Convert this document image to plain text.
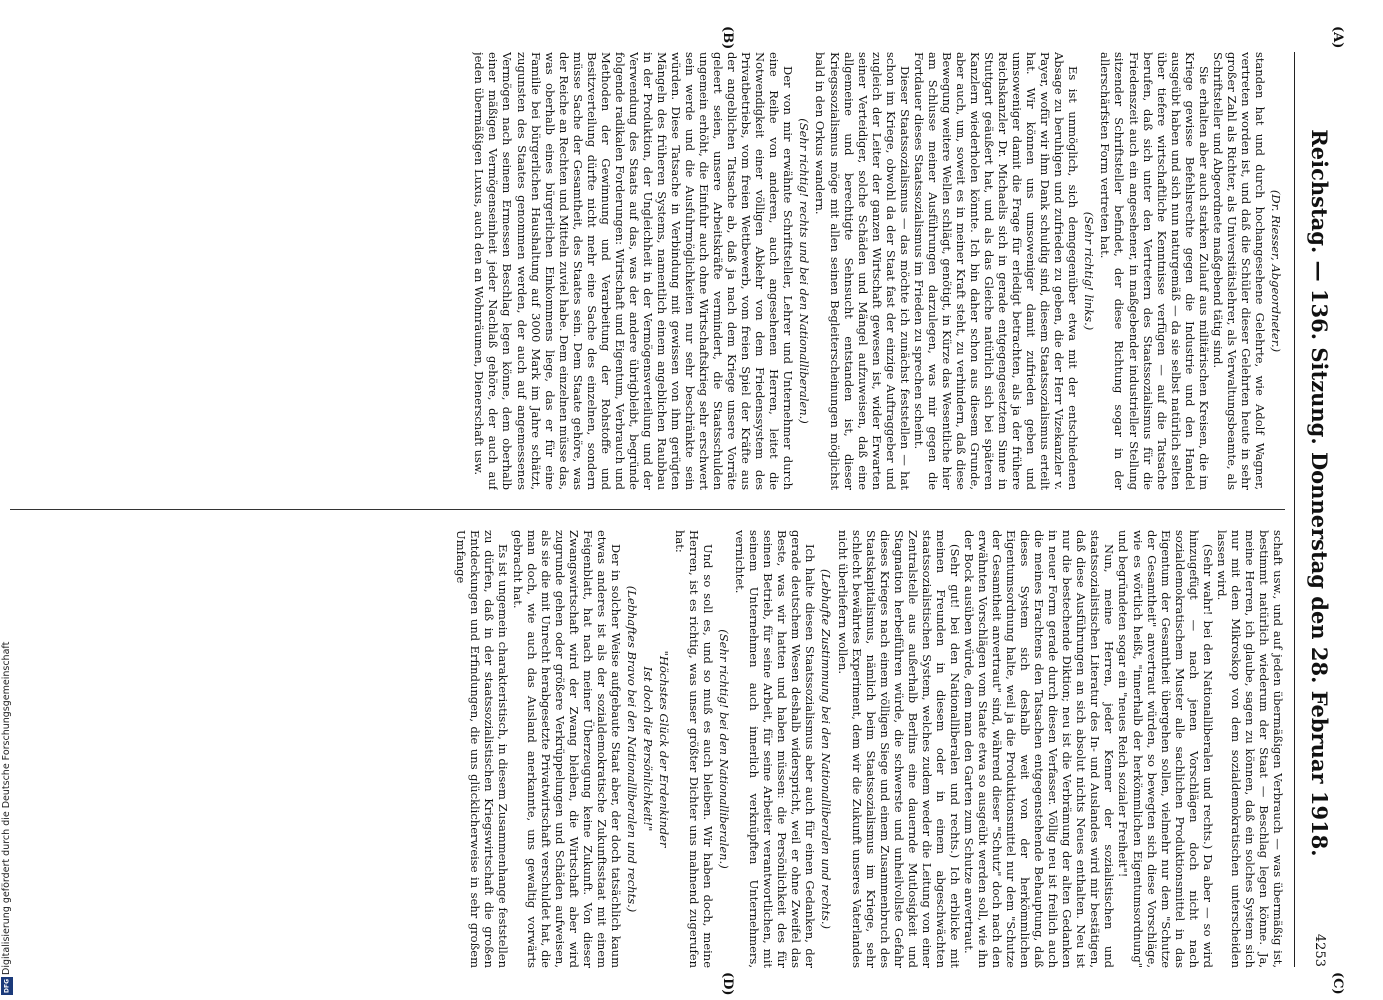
Reichstag. — 136. Sitzung. Donnerstag den 28. Februar 1918.
4253
(A)
(B)
(C)
(D)

(Dr. Riesser, Abgeordneter.)

standen hat und durch hochangesehene Gelehrte, wie Adolf Wagner, vertreten worden ist, und daß die Schüler dieser Gelehrten heute in sehr großer Zahl als Richter, als Universitätslehrer, als Verwaltungsbeamte, als Schriftsteller und Abgeordnete maßgebend tätig sind.

Sie erhalten aber auch starken Zulauf aus militärischen Kreisen, die im Kriege gewisse Befehlsrechte gegen die Industrie und den Handel ausgeübt haben und sich nun naturgemäß — da sie selbst natürlich selten über tiefere wirtschaftliche Kenntnisse verfügen — auf die Tatsache berufen, daß sich unter den Vertretern des Staatssozialismus für die Friedenszeit auch ein angesehener, in maßgebender industrieller Stellung sitzender Schriftsteller befindet, der diese Richtung sogar in der allerschärfsten Form vertreten hat.

(Sehr richtig! links.)

Es ist unmöglich, sich demgegenüber etwa mit der entschiedenen Absage zu beruhigen und zufrieden zu geben, die der Herr Vizekanzler v. Payer, wofür wir ihm Dank schuldig sind, diesem Staatssozialismus erteilt hat. Wir können uns umsoweniger damit zufrieden geben und umsoweniger damit die Frage für erledigt betrachten, als ja der frühere Reichskanzler Dr. Michaelis sich in gerade entgegengesetztem Sinne in Stuttgart geäußert hat, und als das Gleiche natürlich sich bei späteren Kanzlern wiederholen könnte. Ich bin daher schon aus diesem Grunde, aber auch, um, soweit es in meiner Kraft steht, zu verhindern, daß diese Bewegung weitere Wellen schlägt, genötigt, in Kürze das Wesentliche hier am Schlusse meiner Ausführungen darzulegen, was mir gegen die Fortdauer dieses Staatssozialismus im Frieden zu sprechen scheint.

Dieser Staatssozialismus — das möchte ich zunächst feststellen — hat schon im Kriege, obwohl da der Staat fast der einzige Auftraggeber und zugleich der Leiter der ganzen Wirtschaft gewesen ist, wider Erwarten seiner Verteidiger, solche Schäden und Mängel aufzuweisen, daß eine allgemeine und berechtigte Sehnsucht entstanden ist, dieser Kriegssozialismus möge mit allen seinen Begleiterscheinungen möglichst bald in den Orkus wandern.

(Sehr richtig! rechts und bei den Nationalliberalen.)

Der von mir erwähnte Schriftsteller, Lehrer und Unternehmer durch eine Reihe von anderen, auch angesehenen Herren, leitet die Notwendigkeit einer völligen Abkehr von dem Friedenssystem des Privatbetriebs, vom freien Wettbewerb, vom freien Spiel der Kräfte aus der angeblichen Tatsache ab, daß ja nach dem Kriege unsere Vorräte geleert seien, unsere Arbeitskräfte vermindert, die Staatsschulden ungemein erhöht, die Einfuhr auch ohne Wirtschaftskrieg sehr erschwert sein werde und die Ausfuhrmöglichkeiten nur sehr beschränkte sein würden. Diese Tatsache in Verbindung mit gewissen von ihm gerügten Mängeln des früheren Systems, namentlich einem angeblichen Raubbau in der Produktion, der Ungleichheit in der Vermögensverteilung und der Verwendung des Staats auf das, was der andere übrigbleibt, begründe folgende radikalen Forderungen: Wirtschaft und Eigentum, Verbrauch und Methoden der Gewinnung und Verarbeitung der Rohstoffe und Besitzverteilung dürfte nicht mehr eine Sache des einzelnen, sondern müsse Sache der Gesamtheit, des Staates sein. Dem Staate gehöre, was der Reiche an Rechten und Mitteln zuviel habe. Dem einzelnen müsse das, was oberhalb eines bürgerlichen Einkommens liege, das er für eine Familie bei bürgerlichen Haushaltung auf 3000 Mark im Jahre schätzt, zugunsten des Staates genommen werden, der auch auf angemessenes Vermögen nach seinem Ermessen Beschlag legen könne, dem oberhalb einer mäßigen Vermögenseinheit jeder Nachlaß gehöre, der auch auf jeden übermäßigen Luxus, auch den an Wohnräumen, Dienerschaft usw.

schaft usw., und auf jeden übermäßigen Verbrauch — was übermäßig ist, bestimmt natürlich wiederum der Staat — Beschlag legen könne. Ja, meine Herren, ich glaube, sagen zu können, daß ein solches System sich nur mit dem Mikroskop von dem sozialdemokratischen unterscheiden lassen wird.

(Sehr wahr! bei den Nationalliberalen und rechts.) Da aber — so wird hinzugefügt — nach jenen Vorschlägen doch nicht nach sozialdemokratischem Muster alle sachlichen Produktionsmittel in das Eigentum der Gesamtheit übergehen sollen, vielmehr nur dem "Schutze der Gesamtheit" anvertraut würden, so bewegten sich diese Vorschläge, wie es wörtlich heißt, "innerhalb der herkömmlichen Eigentumsordnung" und begründeten sogar ein "neues Reich sozialer Freiheit"!

Nun, meine Herren, jeder Kenner der sozialistischen und staatssozialistischen Literatur des In- und Auslandes wird mir bestätigen, daß diese Ausführungen an sich absolut nichts Neues enthalten. Neu ist nur die bestechende Diktion; neu ist die Verbrämung der alten Gedanken in neuer Form gerade durch diesen Verfasser. Völlig neu ist freilich auch die meines Erachtens den Tatsachen entgegenstehende Behauptung, daß dieses System sich deshalb weit von der herkömmlichen Eigentumsordnung halte, weil ja die Produktionsmittel nur dem "Schutze der Gesamtheit anvertraut" sind, während dieser "Schutz" doch nach den erwähnten Vorschlägen vom Staate etwa so ausgeübt werden soll, wie ihn der Bock ausüben würde, dem man den Garten zum Schutze anvertraut.

(Sehr gut! bei den Nationalliberalen und rechts.) Ich erblicke mit meinen Freunden in diesem oder in einem abgeschwächten staatssozialistischen System, welches zudem weder die Leitung von einer Zentralstelle aus außerhalb Berlins eine dauernde Mutlosigkeit und Stagnation herbeiführen würde, die schwerste und unheilvollste Gefahr dieses Krieges nach einem völligen Siege und einem Zusammenbruch des Staatskapitalismus, nämlich beim Staatssozialismus im Kriege, sehr schlecht bewährtes Experiment, dem wir die Zukunft unseres Vaterlandes nicht überliefern wollen.

(Lebhafte Zustimmung bei den Nationalliberalen und rechts.)

Ich halte diesen Staatssozialismus aber auch für einen Gedanken, der gerade deutschem Wesen deshalb widerspricht, weil er ohne Zweifel das Beste, was wir hatten und haben müssen: die Persönlichkeit des für seinen Betrieb, für seine Arbeit, für seine Arbeiter verantwortlichen, mit seinem Unternehmen auch innerlich verknüpften Unternehmers, vernichtet.

(Sehr richtig! bei den Nationalliberalen.)

Und so soll es, und so muß es auch bleiben. Wir haben doch, meine Herren, ist es richtig, was unser größter Dichter uns mahnend zugerufen hat:

"Höchstes Glück der Erdenkinder

Ist doch die Persönlichkeit!"

(Lebhaftes Bravo bei den Nationalliberalen und rechts.)

Der in solcher Weise aufgebaute Staat aber, der doch tatsächlich kaum etwas anderes ist als der sozialdemokratische Zukunftsstaat mit einem Feigenblatt, hat nach meiner Überzeugung keine Zukunft. Von dieser Zwangswirtschaft wird der Zwang bleiben, die Wirtschaft aber wird zugrunde gehen oder größere Verkrüppelungen und Schäden aufweisen, als sie die mit Unrecht herabgesetzte Privatwirtschaft verschuldet hat, die man doch, wie auch das Ausland anerkannte, uns gewaltig vorwärts gebracht hat.

Es ist ungemein charakteristisch, in diesem Zusammenhange feststellen zu dürfen, daß in der staatssozialistischen Kriegswirtschaft die großen Entdeckungen und Erfindungen, die uns glücklicherweise in sehr großem Umfange

Digitalisierung gefördert durch die Deutsche Forschungsgemeinschaft
DFG
